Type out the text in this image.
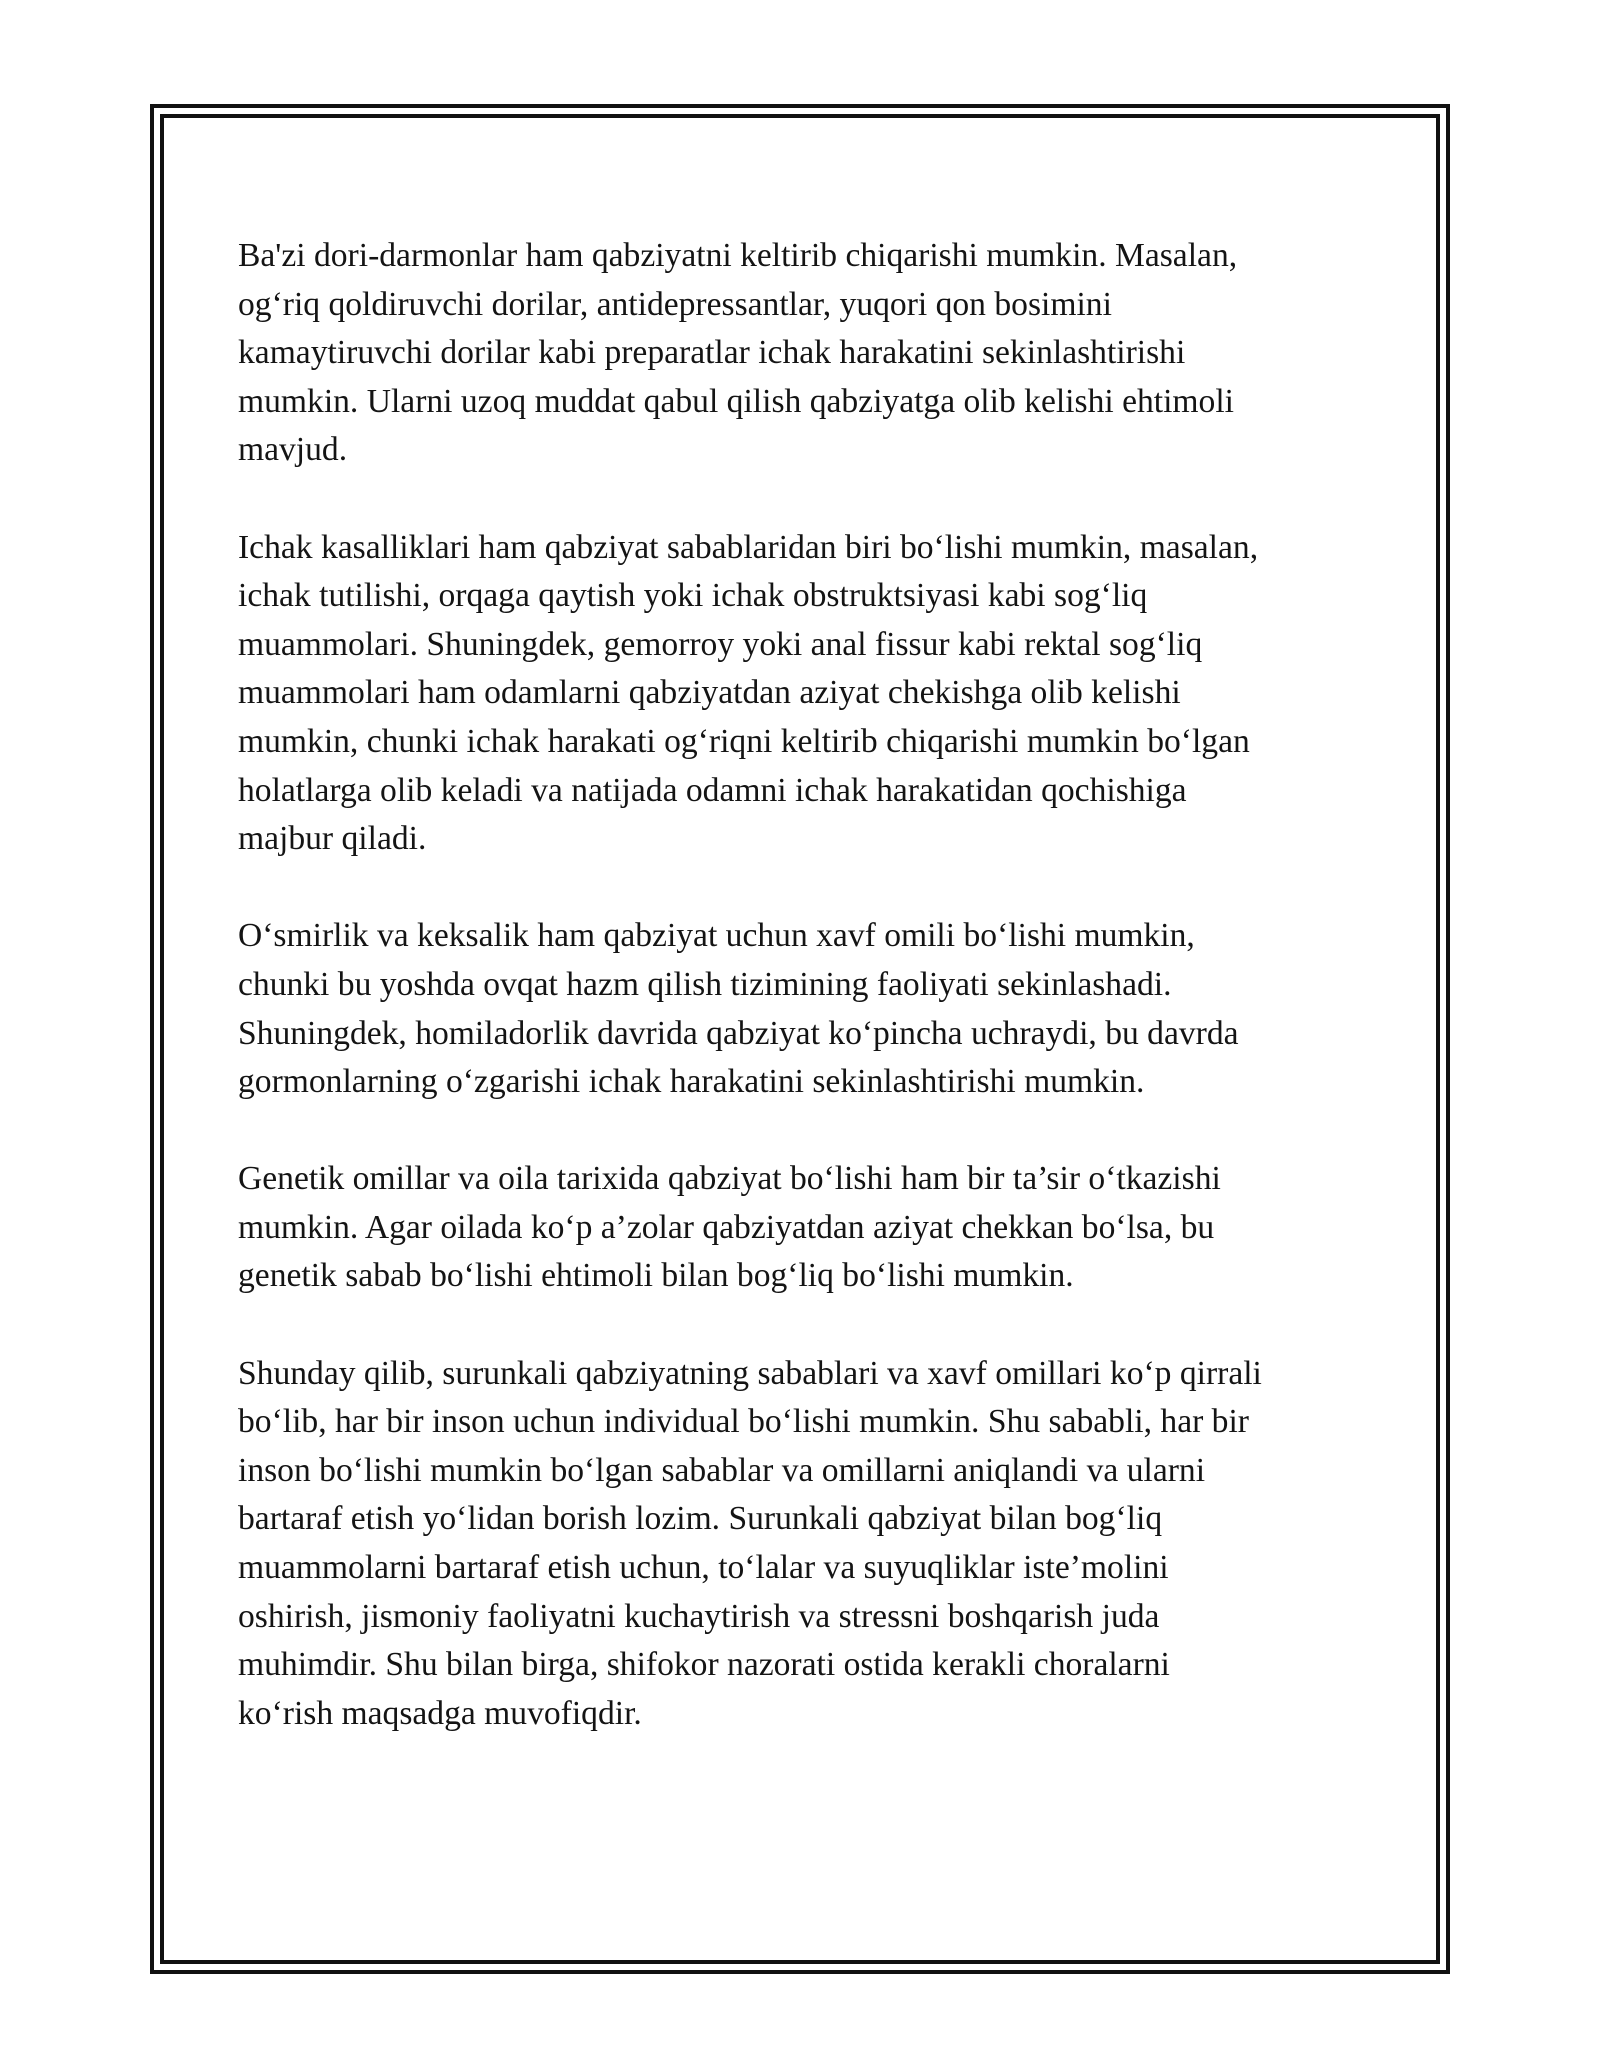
Ba'zi dori-darmonlar ham qabziyatni keltirib chiqarishi mumkin. Masalan,
og‘riq qoldiruvchi dorilar, antidepressantlar, yuqori qon bosimini
kamaytiruvchi dorilar kabi preparatlar ichak harakatini sekinlashtirishi
mumkin. Ularni uzoq muddat qabul qilish qabziyatga olib kelishi ehtimoli
mavjud.

Ichak kasalliklari ham qabziyat sabablaridan biri bo‘lishi mumkin, masalan,
ichak tutilishi, orqaga qaytish yoki ichak obstruktsiyasi kabi sog‘liq
muammolari. Shuningdek, gemorroy yoki anal fissur kabi rektal sog‘liq
muammolari ham odamlarni qabziyatdan aziyat chekishga olib kelishi
mumkin, chunki ichak harakati og‘riqni keltirib chiqarishi mumkin bo‘lgan
holatlarga olib keladi va natijada odamni ichak harakatidan qochishiga
majbur qiladi.

O‘smirlik va keksalik ham qabziyat uchun xavf omili bo‘lishi mumkin,
chunki bu yoshda ovqat hazm qilish tizimining faoliyati sekinlashadi.
Shuningdek, homiladorlik davrida qabziyat ko‘pincha uchraydi, bu davrda
gormonlarning o‘zgarishi ichak harakatini sekinlashtirishi mumkin.

Genetik omillar va oila tarixida qabziyat bo‘lishi ham bir ta’sir o‘tkazishi
mumkin. Agar oilada ko‘p a’zolar qabziyatdan aziyat chekkan bo‘lsa, bu
genetik sabab bo‘lishi ehtimoli bilan bog‘liq bo‘lishi mumkin.

Shunday qilib, surunkali qabziyatning sabablari va xavf omillari ko‘p qirrali
bo‘lib, har bir inson uchun individual bo‘lishi mumkin. Shu sababli, har bir
inson bo‘lishi mumkin bo‘lgan sabablar va omillarni aniqlandi va ularni
bartaraf etish yo‘lidan borish lozim. Surunkali qabziyat bilan bog‘liq
muammolarni bartaraf etish uchun, to‘lalar va suyuqliklar iste’molini
oshirish, jismoniy faoliyatni kuchaytirish va stressni boshqarish juda
muhimdir. Shu bilan birga, shifokor nazorati ostida kerakli choralarni
ko‘rish maqsadga muvofiqdir.
